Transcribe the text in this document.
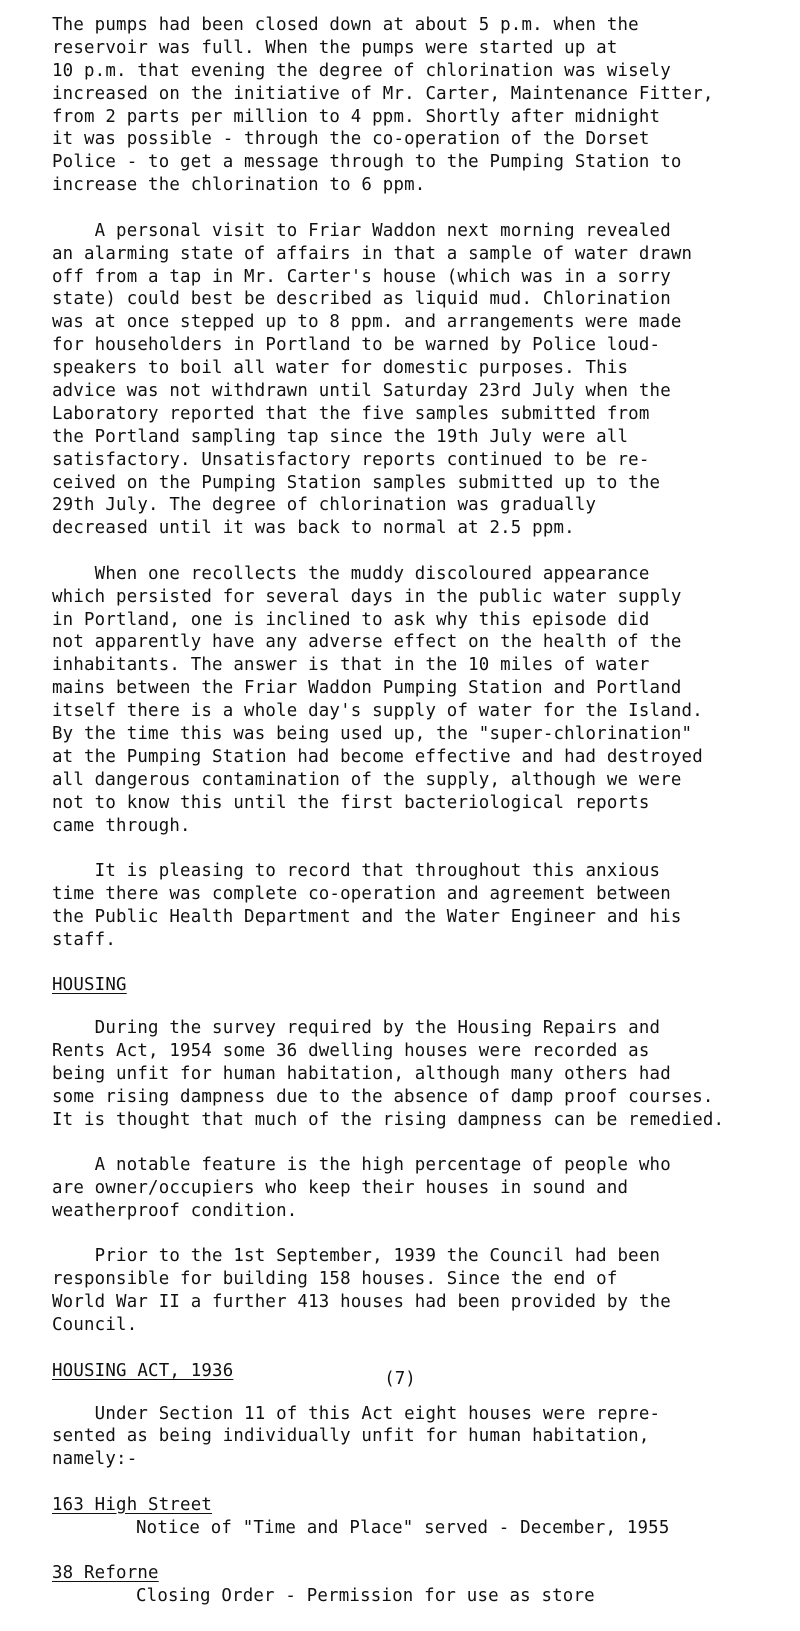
The pumps had been closed down at about 5 p.m. when the
reservoir was full. When the pumps were started up at
10 p.m. that evening the degree of chlorination was wisely
increased on the initiative of Mr. Carter, Maintenance Fitter,
from 2 parts per million to 4 ppm. Shortly after midnight
it was possible - through the co-operation of the Dorset
Police - to get a message through to the Pumping Station to
increase the chlorination to 6 ppm.
A personal visit to Friar Waddon next morning revealed
an alarming state of affairs in that a sample of water drawn
off from a tap in Mr. Carter's house (which was in a sorry
state) could best be described as liquid mud. Chlorination
was at once stepped up to 8 ppm. and arrangements were made
for householders in Portland to be warned by Police loud-
speakers to boil all water for domestic purposes. This
advice was not withdrawn until Saturday 23rd July when the
Laboratory reported that the five samples submitted from
the Portland sampling tap since the 19th July were all
satisfactory. Unsatisfactory reports continued to be re-
ceived on the Pumping Station samples submitted up to the
29th July. The degree of chlorination was gradually
decreased until it was back to normal at 2.5 ppm.
When one recollects the muddy discoloured appearance
which persisted for several days in the public water supply
in Portland, one is inclined to ask why this episode did
not apparently have any adverse effect on the health of the
inhabitants. The answer is that in the 10 miles of water
mains between the Friar Waddon Pumping Station and Portland
itself there is a whole day's supply of water for the Island.
By the time this was being used up, the "super-chlorination"
at the Pumping Station had become effective and had destroyed
all dangerous contamination of the supply, although we were
not to know this until the first bacteriological reports
came through.
It is pleasing to record that throughout this anxious
time there was complete co-operation and agreement between
the Public Health Department and the Water Engineer and his
staff.
HOUSING
During the survey required by the Housing Repairs and
Rents Act, 1954 some 36 dwelling houses were recorded as
being unfit for human habitation, although many others had
some rising dampness due to the absence of damp proof courses.
It is thought that much of the rising dampness can be remedied.
A notable feature is the high percentage of people who
are owner/occupiers who keep their houses in sound and
weatherproof condition.
Prior to the 1st September, 1939 the Council had been
responsible for building 158 houses. Since the end of
World War II a further 413 houses had been provided by the
Council.
HOUSING ACT, 1936
Under Section 11 of this Act eight houses were repre-
sented as being individually unfit for human habitation,
namely:-
163 High Street
Notice of "Time and Place" served - December, 1955
38 Reforne
Closing Order - Permission for use as store
(7)
